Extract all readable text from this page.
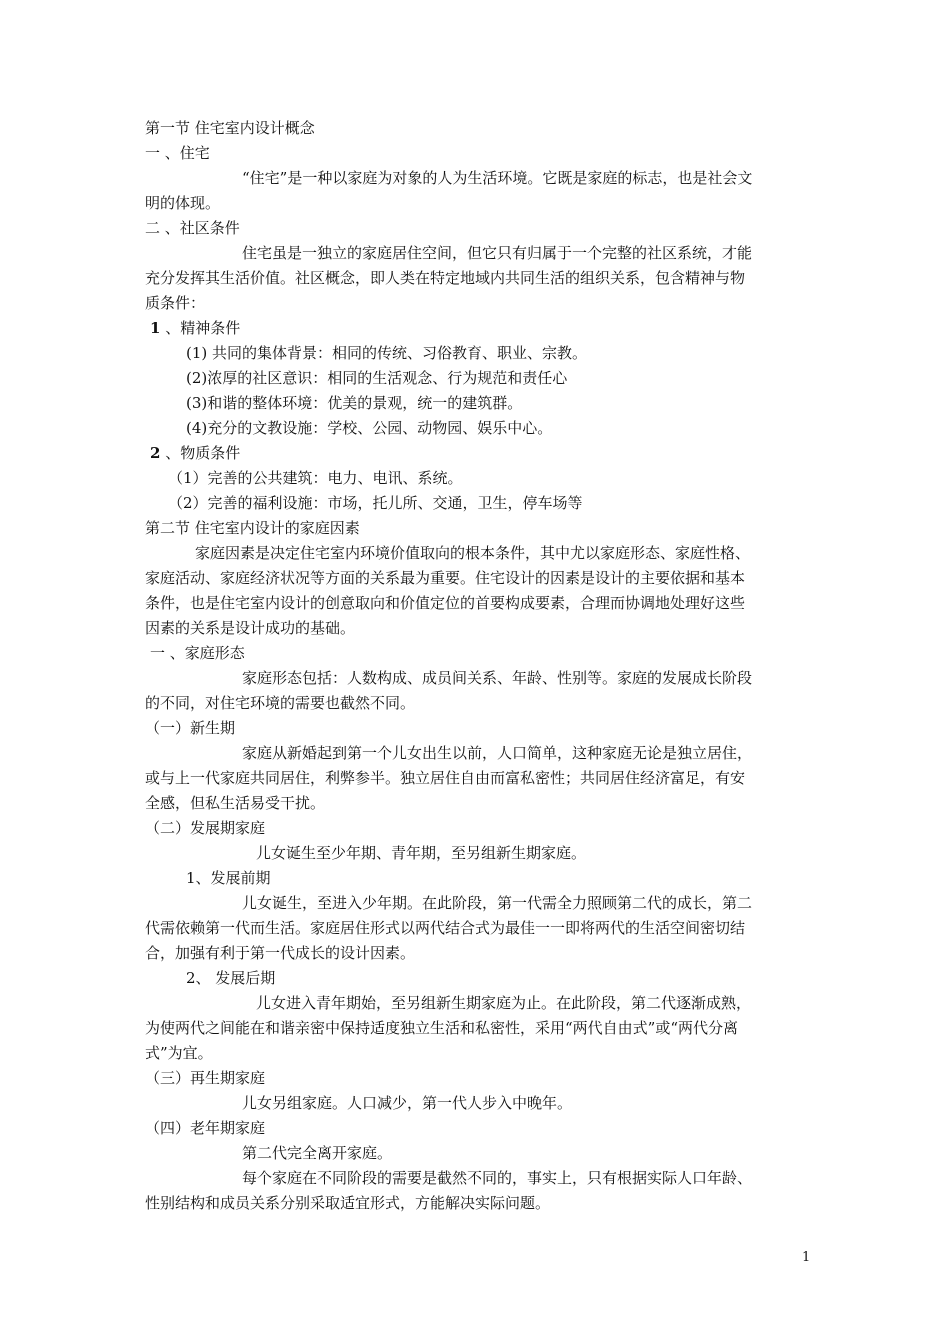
第一节 住宅室内设计概念
一 、住宅
“住宅”是一种以家庭为对象的人为生活环境。它既是家庭的标志，也是社会文
明的体现。
二 、社区条件
住宅虽是一独立的家庭居住空间，但它只有归属于一个完整的社区系统，才能
充分发挥其生活价值。社区概念，即人类在特定地域内共同生活的组织关系，包含精神与物
质条件：
1 、精神条件
(1) 共同的集体背景：相同的传统、习俗教育、职业、宗教。
(2)浓厚的社区意识：相同的生活观念、行为规范和责任心
(3)和谐的整体环境：优美的景观，统一的建筑群。
(4)充分的文教设施：学校、公园、动物园、娱乐中心。
2 、物质条件
（1）完善的公共建筑：电力、电讯、系统。
（2）完善的福利设施：市场，托儿所、交通，卫生，停车场等
第二节 住宅室内设计的家庭因素
家庭因素是决定住宅室内环境价值取向的根本条件，其中尤以家庭形态、家庭性格、
家庭活动、家庭经济状况等方面的关系最为重要。住宅设计的因素是设计的主要依据和基本
条件，也是住宅室内设计的创意取向和价值定位的首要构成要素，合理而协调地处理好这些
因素的关系是设计成功的基础。
一 、家庭形态
家庭形态包括：人数构成、成员间关系、年龄、性别等。家庭的发展成长阶段
的不同，对住宅环境的需要也截然不同。
（一）新生期
家庭从新婚起到第一个儿女出生以前，人口简单，这种家庭无论是独立居住，
或与上一代家庭共同居住，利弊参半。独立居住自由而富私密性；共同居住经济富足，有安
全感，但私生活易受干扰。
（二）发展期家庭
儿女诞生至少年期、青年期，至另组新生期家庭。
1、发展前期
儿女诞生，至进入少年期。在此阶段，第一代需全力照顾第二代的成长，第二
代需依赖第一代而生活。家庭居住形式以两代结合式为最佳一一即将两代的生活空间密切结
合，加强有利于第一代成长的设计因素。
2、 发展后期
儿女进入青年期始，至另组新生期家庭为止。在此阶段，第二代逐渐成熟，
为使两代之间能在和谐亲密中保持适度独立生活和私密性，采用“两代自由式”或“两代分离
式”为宜。
（三）再生期家庭
儿女另组家庭。人口减少，第一代人步入中晚年。
（四）老年期家庭
第二代完全离开家庭。
每个家庭在不同阶段的需要是截然不同的，事实上，只有根据实际人口年龄、
性别结构和成员关系分别采取适宜形式，方能解决实际问题。
1
